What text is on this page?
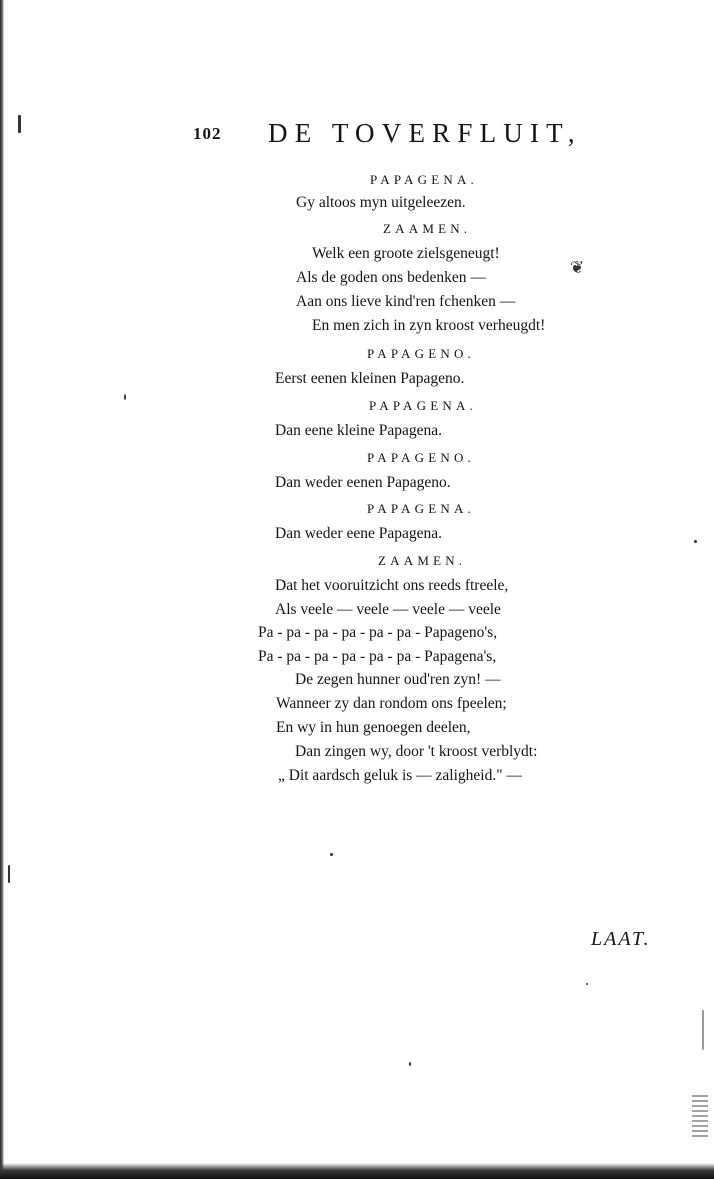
102 DE TOVERFLUIT,
PAPAGENA.
Gy altoos myn uitgeleezen.
ZAAMEN.
Welk een groote zielsgeneugt!
Als de goden ons bedenken —
Aan ons lieve kind'ren fchenken —
En men zich in zyn kroost verheugdt!
❦
PAPAGENO.
Eerst eenen kleinen Papageno.
PAPAGENA.
Dan eene kleine Papagena.
PAPAGENO.
Dan weder eenen Papageno.
PAPAGENA.
Dan weder eene Papagena.
ZAAMEN.
Dat het vooruitzicht ons reeds ftreele,
Als veele — veele — veele — veele
Pa - pa - pa - pa - pa - pa - Papageno's,
Pa - pa - pa - pa - pa - pa - Papagena's,
De zegen hunner oud'ren zyn! —
Wanneer zy dan rondom ons fpeelen;
En wy in hun genoegen deelen,
Dan zingen wy, door 't kroost verblydt:
„ Dit aardsch geluk is — zaligheid." —
LAAT.
